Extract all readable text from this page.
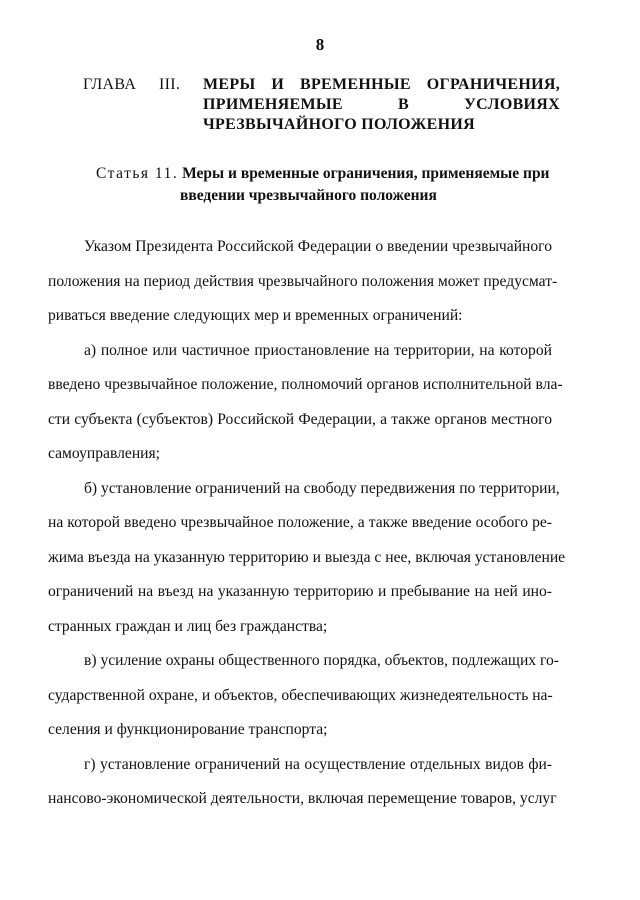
8
ГЛАВА III. МЕРЫ И ВРЕМЕННЫЕ ОГРАНИЧЕНИЯ,
ПРИМЕНЯЕМЫЕ В УСЛОВИЯХ
ЧРЕЗВЫЧАЙНОГО ПОЛОЖЕНИЯ
Статья 11. Меры и временные ограничения, применяемые при
введении чрезвычайного положения
Указом Президента Российской Федерации о введении чрезвычайного
положения на период действия чрезвычайного положения может предусмат-
риваться введение следующих мер и временных ограничений:
а) полное или частичное приостановление на территории, на которой
введено чрезвычайное положение, полномочий органов исполнительной вла-
сти субъекта (субъектов) Российской Федерации, а также органов местного
самоуправления;
б) установление ограничений на свободу передвижения по территории,
на которой введено чрезвычайное положение, а также введение особого ре-
жима въезда на указанную территорию и выезда с нее, включая установление
ограничений на въезд на указанную территорию и пребывание на ней ино-
странных граждан и лиц без гражданства;
в) усиление охраны общественного порядка, объектов, подлежащих го-
сударственной охране, и объектов, обеспечивающих жизнедеятельность на-
селения и функционирование транспорта;
г) установление ограничений на осуществление отдельных видов фи-
нансово-экономической деятельности, включая перемещение товаров, услуг
